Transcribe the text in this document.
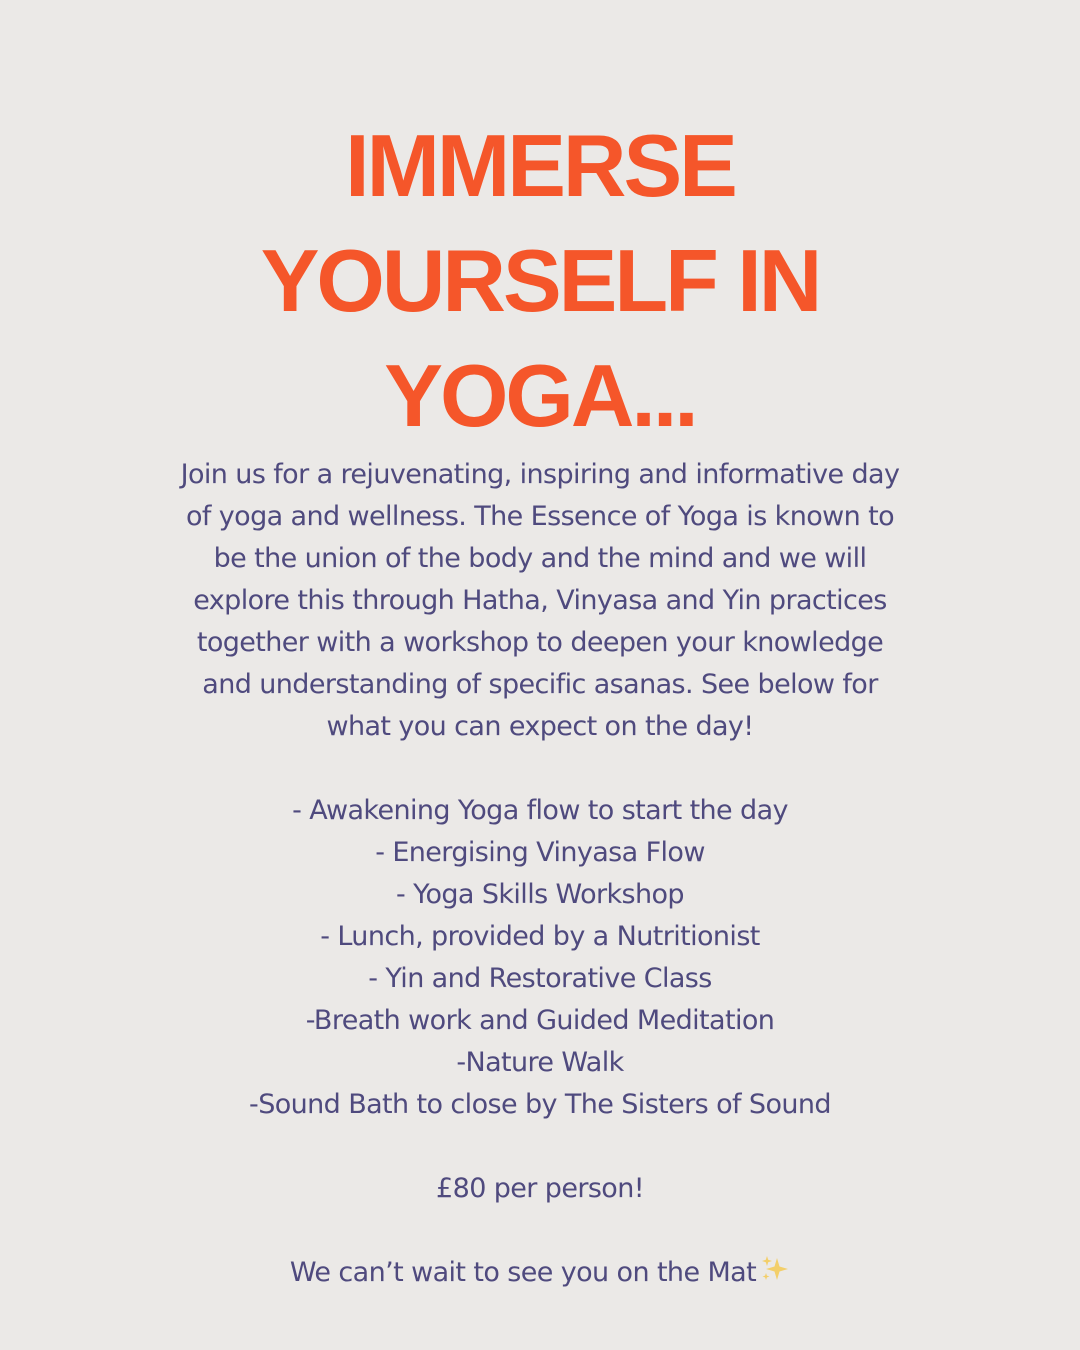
IMMERSE
YOURSELF IN
YOGA...
Join us for a rejuvenating, inspiring and informative day
of yoga and wellness. The Essence of Yoga is known to
be the union of the body and the mind and we will
explore this through Hatha, Vinyasa and Yin practices
together with a workshop to deepen your knowledge
and understanding of specific asanas. See below for
what you can expect on the day!
- Awakening Yoga flow to start the day
- Energising Vinyasa Flow
- Yoga Skills Workshop
- Lunch, provided by a Nutritionist
- Yin and Restorative Class
-Breath work and Guided Meditation
-Nature Walk
-Sound Bath to close by The Sisters of Sound
£80 per person!
We can’t wait to see you on the Mat
